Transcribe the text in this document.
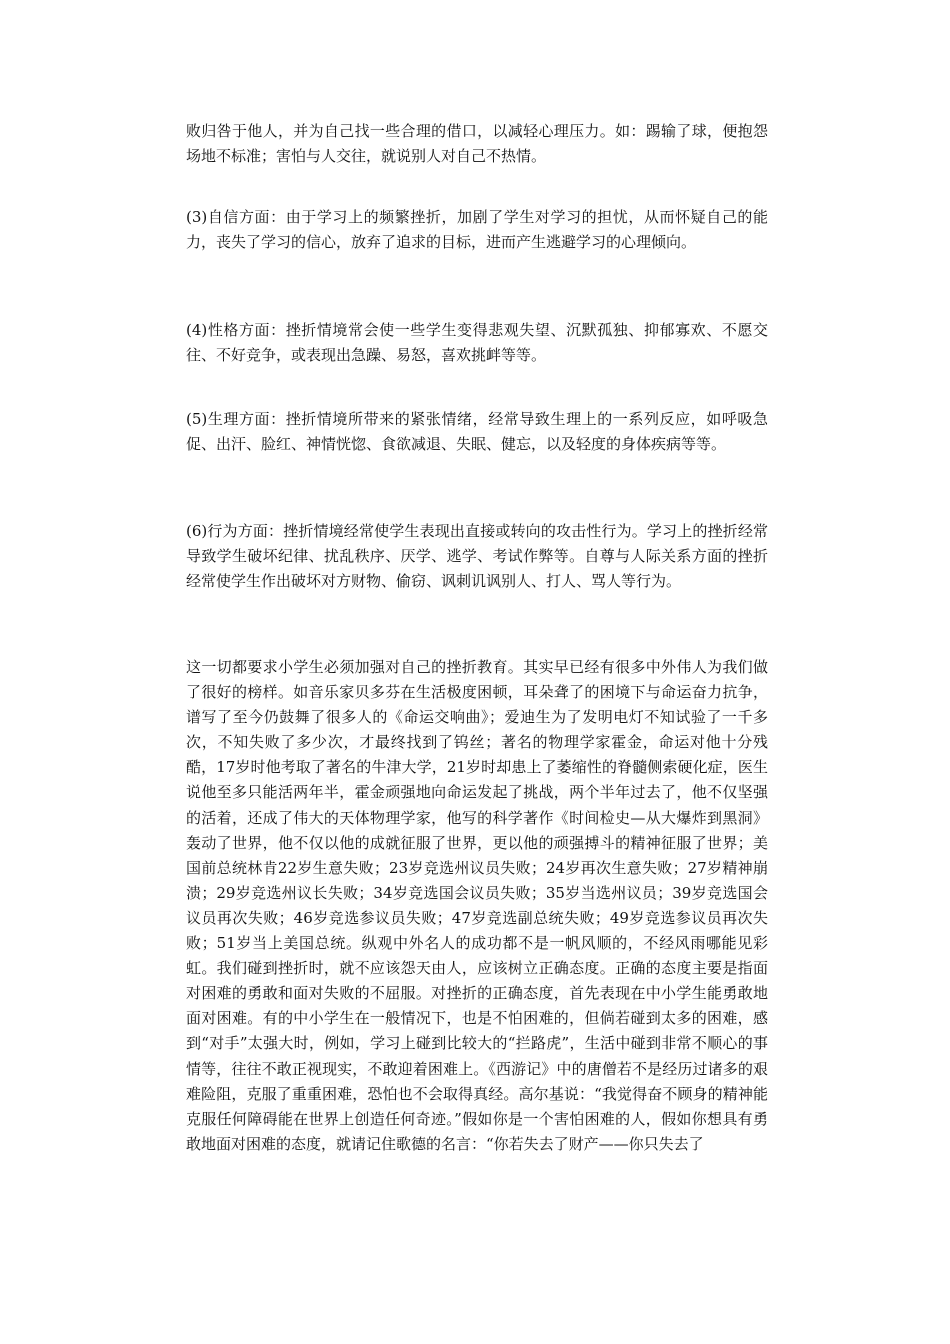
败归咎于他人，并为自己找一些合理的借口，以减轻心理压力。如：踢输了球，便抱怨场地不标准；害怕与人交往，就说别人对自己不热情。

(3)自信方面：由于学习上的频繁挫折，加剧了学生对学习的担忧，从而怀疑自己的能力，丧失了学习的信心，放弃了追求的目标，进而产生逃避学习的心理倾向。

(4)性格方面：挫折情境常会使一些学生变得悲观失望、沉默孤独、抑郁寡欢、不愿交往、不好竞争，或表现出急躁、易怒，喜欢挑衅等等。

(5)生理方面：挫折情境所带来的紧张情绪，经常导致生理上的一系列反应，如呼吸急促、出汗、脸红、神情恍惚、食欲减退、失眠、健忘，以及轻度的身体疾病等等。

(6)行为方面：挫折情境经常使学生表现出直接或转向的攻击性行为。学习上的挫折经常导致学生破坏纪律、扰乱秩序、厌学、逃学、考试作弊等。自尊与人际关系方面的挫折经常使学生作出破坏对方财物、偷窃、讽刺讥讽别人、打人、骂人等行为。

这一切都要求小学生必须加强对自己的挫折教育。其实早已经有很多中外伟人为我们做了很好的榜样。如音乐家贝多芬在生活极度困顿，耳朵聋了的困境下与命运奋力抗争，谱写了至今仍鼓舞了很多人的《命运交响曲》；爱迪生为了发明电灯不知试验了一千多次，不知失败了多少次，才最终找到了钨丝；著名的物理学家霍金，命运对他十分残酷，17岁时他考取了著名的牛津大学，21岁时却患上了萎缩性的脊髓侧索硬化症，医生说他至多只能活两年半，霍金顽强地向命运发起了挑战，两个半年过去了，他不仅坚强的活着，还成了伟大的天体物理学家，他写的科学著作《时间检史—从大爆炸到黑洞》轰动了世界，他不仅以他的成就征服了世界，更以他的顽强搏斗的精神征服了世界；美国前总统林肯22岁生意失败；23岁竞选州议员失败；24岁再次生意失败；27岁精神崩溃；29岁竞选州议长失败；34岁竞选国会议员失败；35岁当选州议员；39岁竞选国会议员再次失败；46岁竞选参议员失败；47岁竞选副总统失败；49岁竞选参议员再次失败；51岁当上美国总统。纵观中外名人的成功都不是一帆风顺的，不经风雨哪能见彩虹。我们碰到挫折时，就不应该怨天由人，应该树立正确态度。正确的态度主要是指面对困难的勇敢和面对失败的不屈服。对挫折的正确态度，首先表现在中小学生能勇敢地面对困难。有的中小学生在一般情况下，也是不怕困难的，但倘若碰到太多的困难，感到“对手”太强大时，例如，学习上碰到比较大的“拦路虎”，生活中碰到非常不顺心的事情等，往往不敢正视现实，不敢迎着困难上。《西游记》中的唐僧若不是经历过诸多的艰难险阻，克服了重重困难，恐怕也不会取得真经。高尔基说：“我觉得奋不顾身的精神能克服任何障碍能在世界上创造任何奇迹。”假如你是一个害怕困难的人，假如你想具有勇敢地面对困难的态度，就请记住歌德的名言：“你若失去了财产——你只失去了
